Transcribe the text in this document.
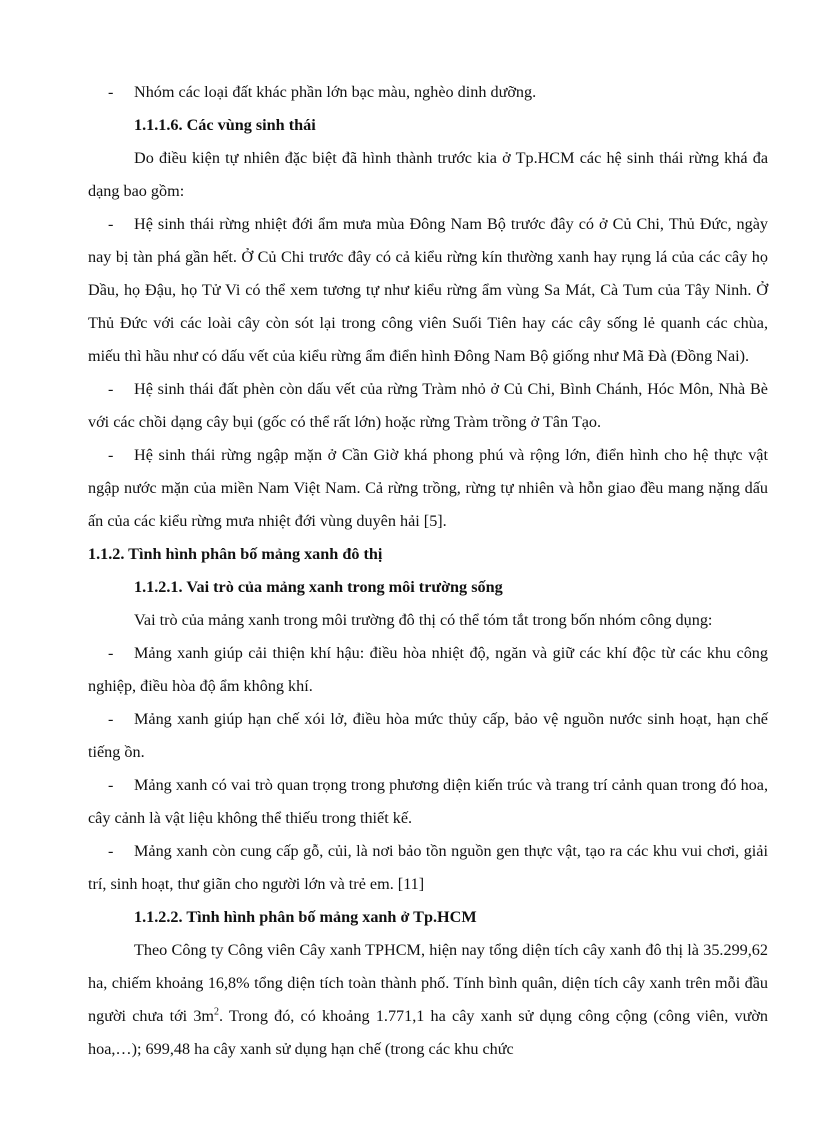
- Nhóm các loại đất khác phần lớn bạc màu, nghèo dinh dưỡng.

1.1.1.6. Các vùng sinh thái

Do điều kiện tự nhiên đặc biệt đã hình thành trước kia ở Tp.HCM các hệ sinh thái rừng khá đa dạng bao gồm:

- Hệ sinh thái rừng nhiệt đới ẩm mưa mùa Đông Nam Bộ trước đây có ở Củ Chi, Thủ Đức, ngày nay bị tàn phá gần hết. Ở Củ Chi trước đây có cả kiểu rừng kín thường xanh hay rụng lá của các cây họ Dầu, họ Đậu, họ Tử Vi có thể xem tương tự như kiểu rừng ẩm vùng Sa Mát, Cà Tum của Tây Ninh. Ở Thủ Đức với các loài cây còn sót lại trong công viên Suối Tiên hay các cây sống lẻ quanh các chùa, miếu thì hầu như có dấu vết của kiểu rừng ẩm điển hình Đông Nam Bộ giống như Mã Đà (Đồng Nai).

- Hệ sinh thái đất phèn còn dấu vết của rừng Tràm nhỏ ở Củ Chi, Bình Chánh, Hóc Môn, Nhà Bè với các chồi dạng cây bụi (gốc có thể rất lớn) hoặc rừng Tràm trồng ở Tân Tạo.

- Hệ sinh thái rừng ngập mặn ở Cần Giờ khá phong phú và rộng lớn, điển hình cho hệ thực vật ngập nước mặn của miền Nam Việt Nam. Cả rừng trồng, rừng tự nhiên và hỗn giao đều mang nặng dấu ấn của các kiểu rừng mưa nhiệt đới vùng duyên hải [5].

1.1.2. Tình hình phân bố mảng xanh đô thị

1.1.2.1. Vai trò của mảng xanh trong môi trường sống

Vai trò của mảng xanh trong môi trường đô thị có thể tóm tắt trong bốn nhóm công dụng:

- Mảng xanh giúp cải thiện khí hậu: điều hòa nhiệt độ, ngăn và giữ các khí độc từ các khu công nghiệp, điều hòa độ ẩm không khí.

- Mảng xanh giúp hạn chế xói lở, điều hòa mức thủy cấp, bảo vệ nguồn nước sinh hoạt, hạn chế tiếng ồn.

- Mảng xanh có vai trò quan trọng trong phương diện kiến trúc và trang trí cảnh quan trong đó hoa, cây cảnh là vật liệu không thể thiếu trong thiết kế.

- Mảng xanh còn cung cấp gỗ, củi, là nơi bảo tồn nguồn gen thực vật, tạo ra các khu vui chơi, giải trí, sinh hoạt, thư giãn cho người lớn và trẻ em. [11]

1.1.2.2. Tình hình phân bố mảng xanh ở Tp.HCM

Theo Công ty Công viên Cây xanh TPHCM, hiện nay tổng diện tích cây xanh đô thị là 35.299,62 ha, chiếm khoảng 16,8% tổng diện tích toàn thành phố. Tính bình quân, diện tích cây xanh trên mỗi đầu người chưa tới $3m^2$. Trong đó, có khoảng 1.771,1 ha cây xanh sử dụng công cộng (công viên, vườn hoa,…); 699,48 ha cây xanh sử dụng hạn chế (trong các khu chức
